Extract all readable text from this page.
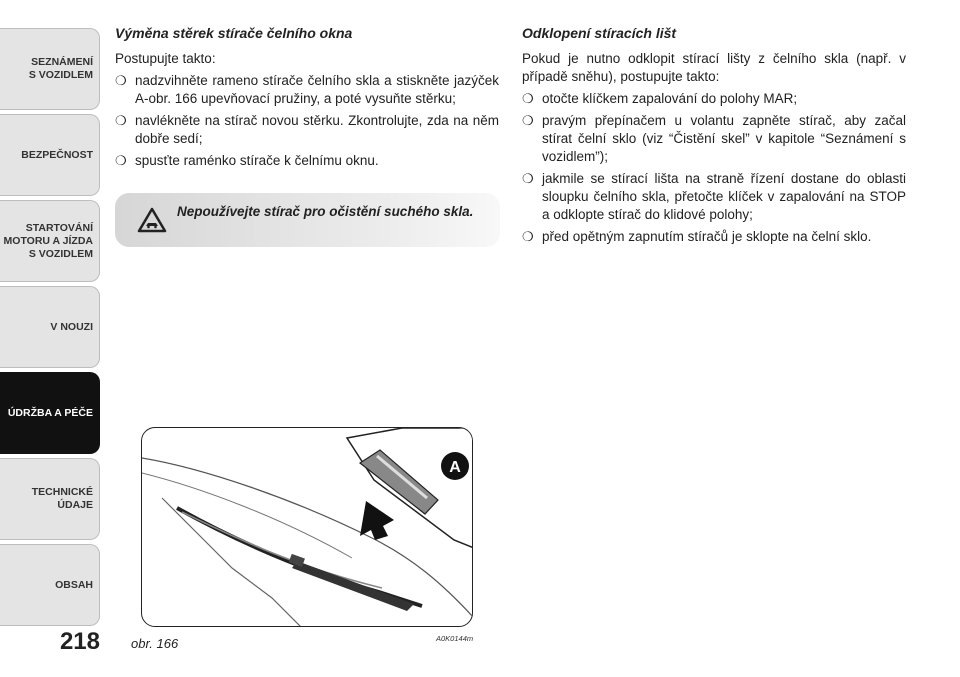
SEZNÁMENÍ
S VOZIDLEM
BEZPEČNOST
STARTOVÁNÍ
MOTORU A JÍZDA
S VOZIDLEM
V NOUZI
ÚDRŽBA A PÉČE
TECHNICKÉ
ÚDAJE
OBSAH
218
Výměna stěrek stírače čelního okna

Postupujte takto:

❍ nadzvihněte rameno stírače čelního skla a stiskněte jazýček A-obr. 166 upevňovací pružiny, a poté vysuňte stěrku;
❍ navlékněte na stírač novou stěrku. Zkontrolujte, zda na něm dobře sedí;
❍ spusťte raménko stírače k čelnímu oknu.
Nepoužívejte stírač pro očistění suchého skla.
Odklopení stíracích lišt

Pokud je nutno odklopit stírací lišty z čelního skla (např. v případě sněhu), postupujte takto:

❍ otočte klíčkem zapalování do polohy MAR;
❍ pravým přepínačem u volantu zapněte stírač, aby začal stírat čelní sklo (viz “Čistění skel” v kapitole “Seznámení s vozidlem”);
❍ jakmile se stírací lišta na straně řízení dostane do oblasti sloupku čelního skla, přetočte klíček v zapalování na STOP a odklopte stírač do klidové polohy;
❍ před opětným zapnutím stíračů je sklopte na čelní sklo.
A
obr. 166	A0K0144m
